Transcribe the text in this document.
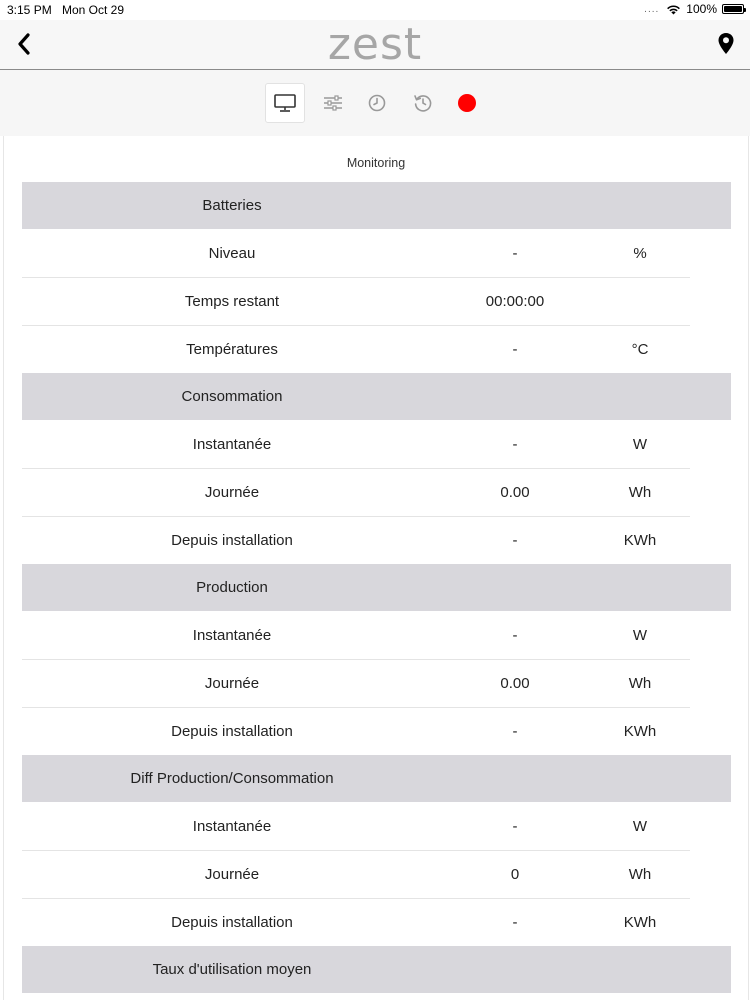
3:15 PM Mon Oct 29	.... 100%
zest
Monitoring
Batteries
Niveau	-	%
Temps restant	00:00:00
Températures	-	°C
Consommation
Instantanée	-	W
Journée	0.00	Wh
Depuis installation	-	KWh
Production
Instantanée	-	W
Journée	0.00	Wh
Depuis installation	-	KWh
Diff Production/Consommation
Instantanée	-	W
Journée	0	Wh
Depuis installation	-	KWh
Taux d'utilisation moyen
